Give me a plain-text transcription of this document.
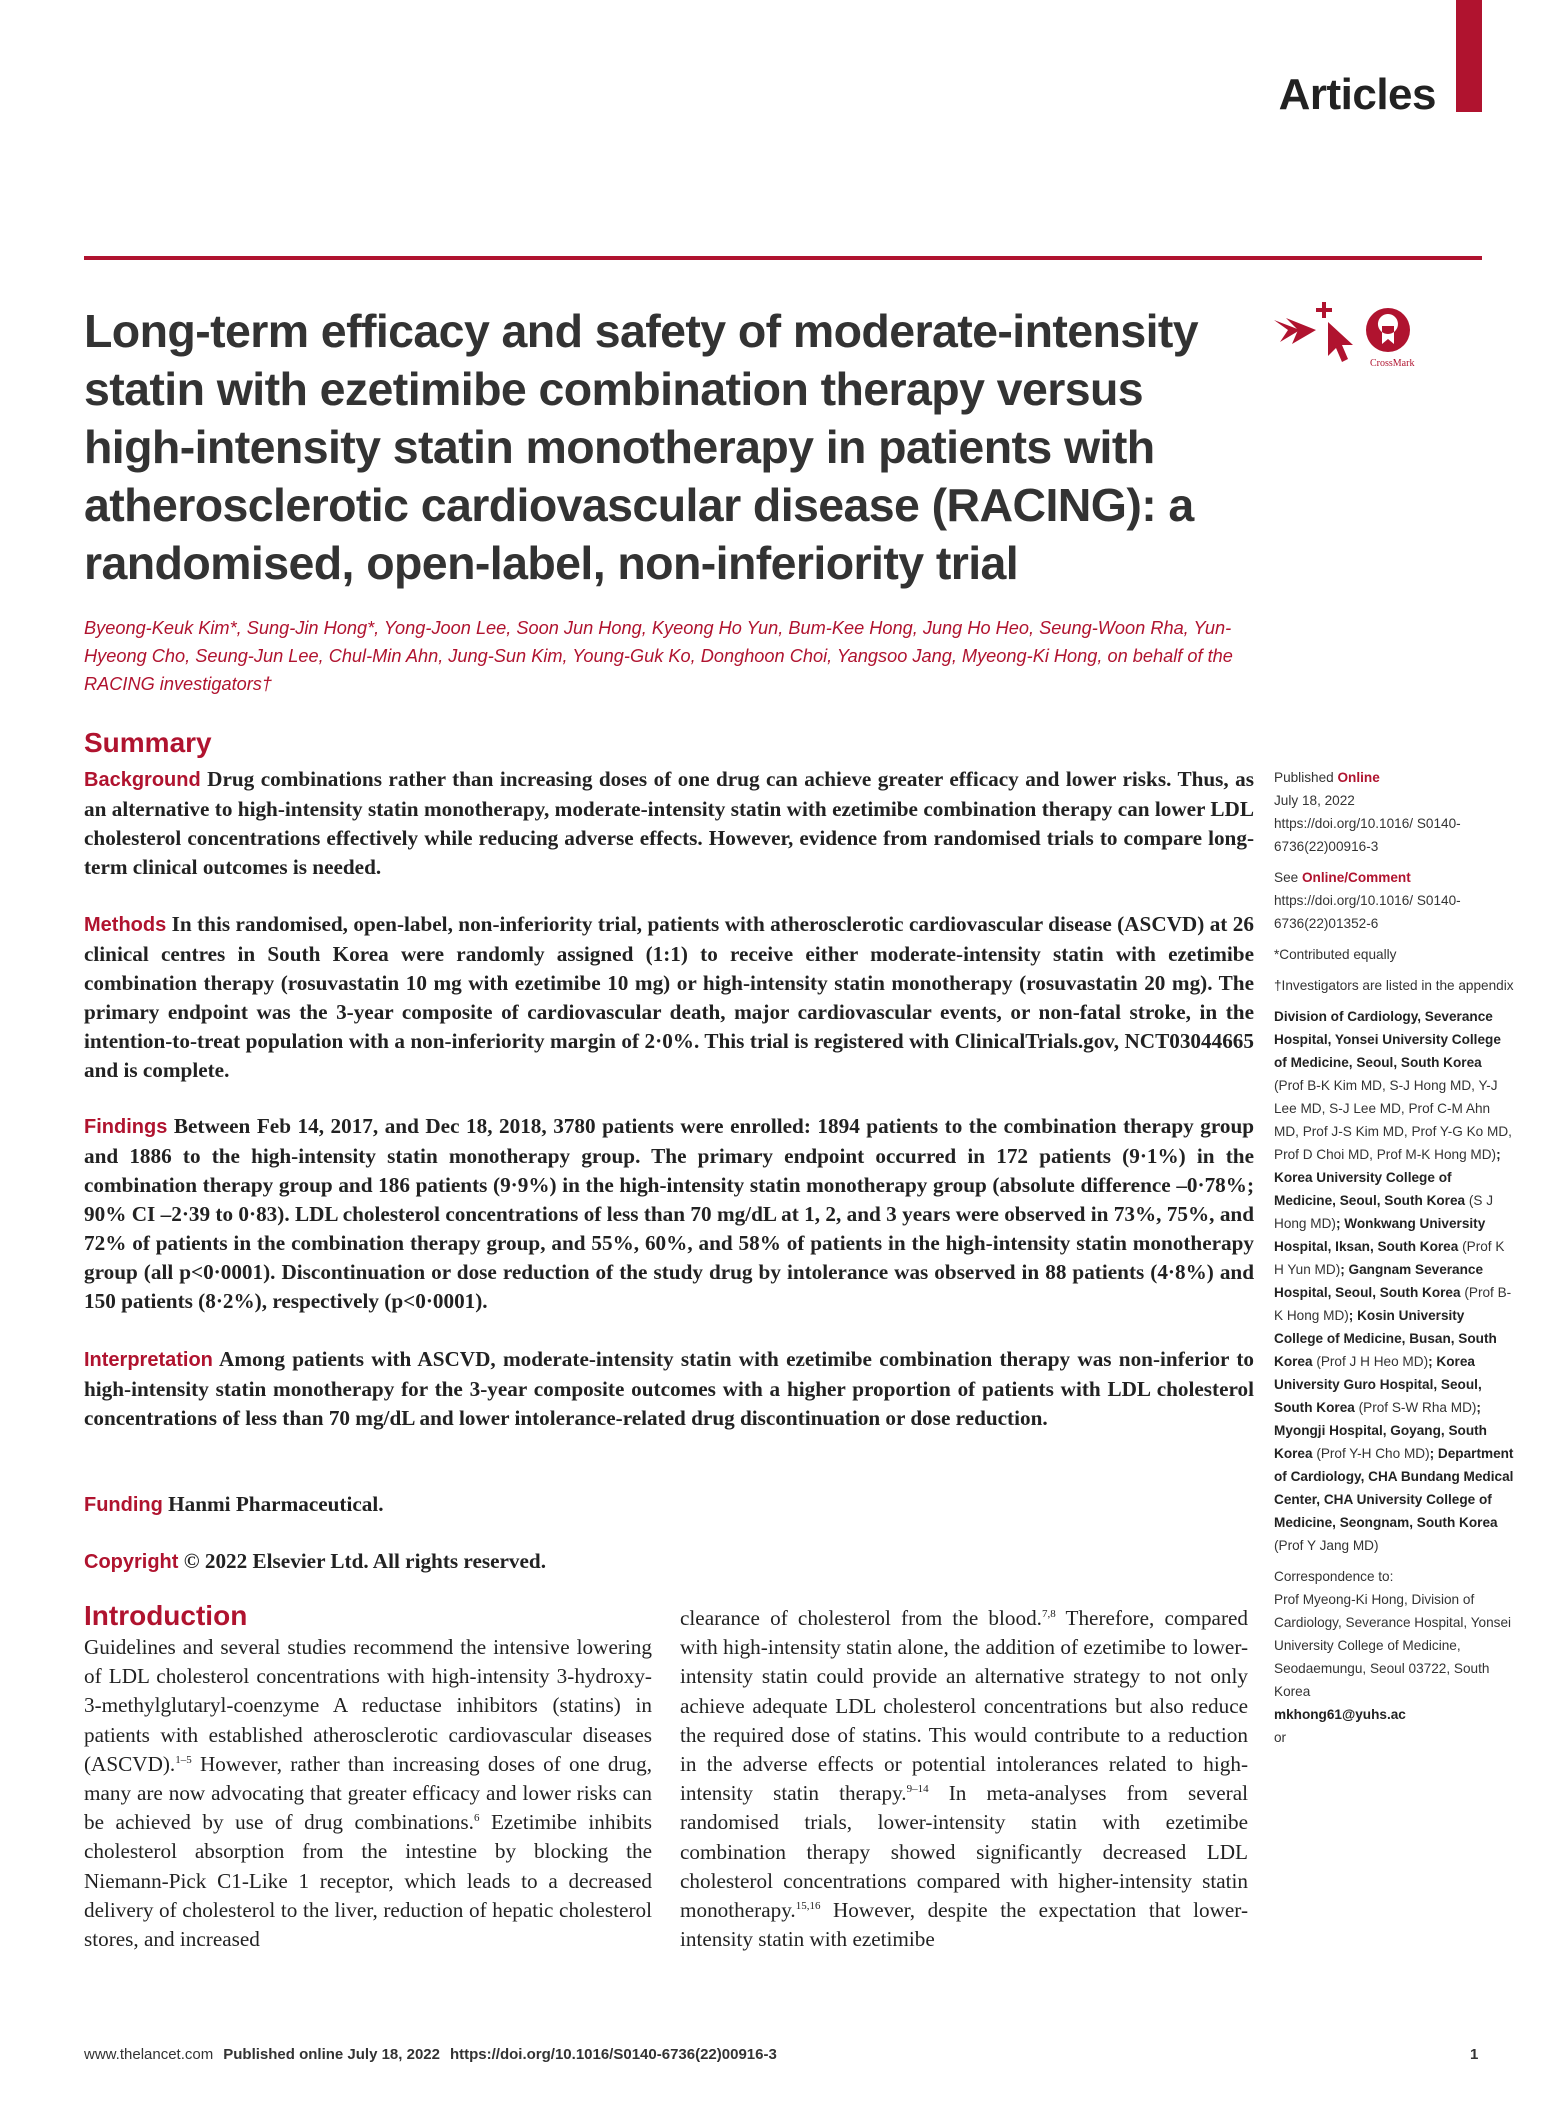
Articles
Long-term efficacy and safety of moderate-intensity statin with ezetimibe combination therapy versus high-intensity statin monotherapy in patients with atherosclerotic cardiovascular disease (RACING): a randomised, open-label, non-inferiority trial
CrossMark
Byeong-Keuk Kim*, Sung-Jin Hong*, Yong-Joon Lee, Soon Jun Hong, Kyeong Ho Yun, Bum-Kee Hong, Jung Ho Heo, Seung-Woon Rha, Yun-Hyeong Cho, Seung-Jun Lee, Chul-Min Ahn, Jung-Sun Kim, Young-Guk Ko, Donghoon Choi, Yangsoo Jang, Myeong-Ki Hong, on behalf of the RACING investigators†
Summary
Background Drug combinations rather than increasing doses of one drug can achieve greater efficacy and lower risks. Thus, as an alternative to high-intensity statin monotherapy, moderate-intensity statin with ezetimibe combination therapy can lower LDL cholesterol concentrations effectively while reducing adverse effects. However, evidence from randomised trials to compare long-term clinical outcomes is needed.
Methods In this randomised, open-label, non-inferiority trial, patients with atherosclerotic cardiovascular disease (ASCVD) at 26 clinical centres in South Korea were randomly assigned (1:1) to receive either moderate-intensity statin with ezetimibe combination therapy (rosuvastatin 10 mg with ezetimibe 10 mg) or high-intensity statin monotherapy (rosuvastatin 20 mg). The primary endpoint was the 3-year composite of cardiovascular death, major cardiovascular events, or non-fatal stroke, in the intention-to-treat population with a non-inferiority margin of 2·0%. This trial is registered with ClinicalTrials.gov, NCT03044665 and is complete.
Findings Between Feb 14, 2017, and Dec 18, 2018, 3780 patients were enrolled: 1894 patients to the combination therapy group and 1886 to the high-intensity statin monotherapy group. The primary endpoint occurred in 172 patients (9·1%) in the combination therapy group and 186 patients (9·9%) in the high-intensity statin monotherapy group (absolute difference –0·78%; 90% CI –2·39 to 0·83). LDL cholesterol concentrations of less than 70 mg/dL at 1, 2, and 3 years were observed in 73%, 75%, and 72% of patients in the combination therapy group, and 55%, 60%, and 58% of patients in the high-intensity statin monotherapy group (all p<0·0001). Discontinuation or dose reduction of the study drug by intolerance was observed in 88 patients (4·8%) and 150 patients (8·2%), respectively (p<0·0001).
Interpretation Among patients with ASCVD, moderate-intensity statin with ezetimibe combination therapy was non-inferior to high-intensity statin monotherapy for the 3-year composite outcomes with a higher proportion of patients with LDL cholesterol concentrations of less than 70 mg/dL and lower intolerance-related drug discontinuation or dose reduction.
Funding Hanmi Pharmaceutical.
Copyright © 2022 Elsevier Ltd. All rights reserved.
Introduction

Guidelines and several studies recommend the intensive lowering of LDL cholesterol concentrations with high-intensity 3-hydroxy-3-methylglutaryl-coenzyme A reductase inhibitors (statins) in patients with established atherosclerotic cardiovascular diseases (ASCVD).$^{1-5}$ However, rather than increasing doses of one drug, many are now advocating that greater efficacy and lower risks can be achieved by use of drug combinations.$^6$ Ezetimibe inhibits cholesterol absorption from the intestine by blocking the Niemann-Pick C1-Like 1 receptor, which leads to a decreased delivery of cholesterol to the liver, reduction of hepatic cholesterol stores, and increased

clearance of cholesterol from the blood.$^{7,8}$ Therefore, compared with high-intensity statin alone, the addition of ezetimibe to lower-intensity statin could provide an alternative strategy to not only achieve adequate LDL cholesterol concentrations but also reduce the required dose of statins. This would contribute to a reduction in the adverse effects or potential intolerances related to high-intensity statin therapy.$^{9-14}$ In meta-analyses from several randomised trials, lower-intensity statin with ezetimibe combination therapy showed significantly decreased LDL cholesterol concentrations compared with higher-intensity statin monotherapy.$^{15,16}$ However, despite the expectation that lower-intensity statin with ezetimibe

Published Online
July 18, 2022
https://doi.org/10.1016/ S0140-6736(22)00916-3

See Online/Comment
https://doi.org/10.1016/ S0140-6736(22)01352-6

*Contributed equally

†Investigators are listed in the appendix

Division of Cardiology, Severance Hospital, Yonsei University College of Medicine, Seoul, South Korea (Prof B-K Kim MD, S-J Hong MD, Y-J Lee MD, S-J Lee MD, Prof C-M Ahn MD, Prof J-S Kim MD, Prof Y-G Ko MD, Prof D Choi MD, Prof M-K Hong MD); Korea University College of Medicine, Seoul, South Korea (S J Hong MD); Wonkwang University Hospital, Iksan, South Korea (Prof K H Yun MD); Gangnam Severance Hospital, Seoul, South Korea (Prof B-K Hong MD); Kosin University College of Medicine, Busan, South Korea (Prof J H Heo MD); Korea University Guro Hospital, Seoul, South Korea (Prof S-W Rha MD); Myongji Hospital, Goyang, South Korea (Prof Y-H Cho MD); Department of Cardiology, CHA Bundang Medical Center, CHA University College of Medicine, Seongnam, South Korea (Prof Y Jang MD)

Correspondence to:
Prof Myeong-Ki Hong, Division of Cardiology, Severance Hospital, Yonsei University College of Medicine, Seodaemungu, Seoul 03722, South Korea
mkhong61@yuhs.ac
or

www.thelancet.com Published online July 18, 2022 https://doi.org/10.1016/S0140-6736(22)00916-3	1
